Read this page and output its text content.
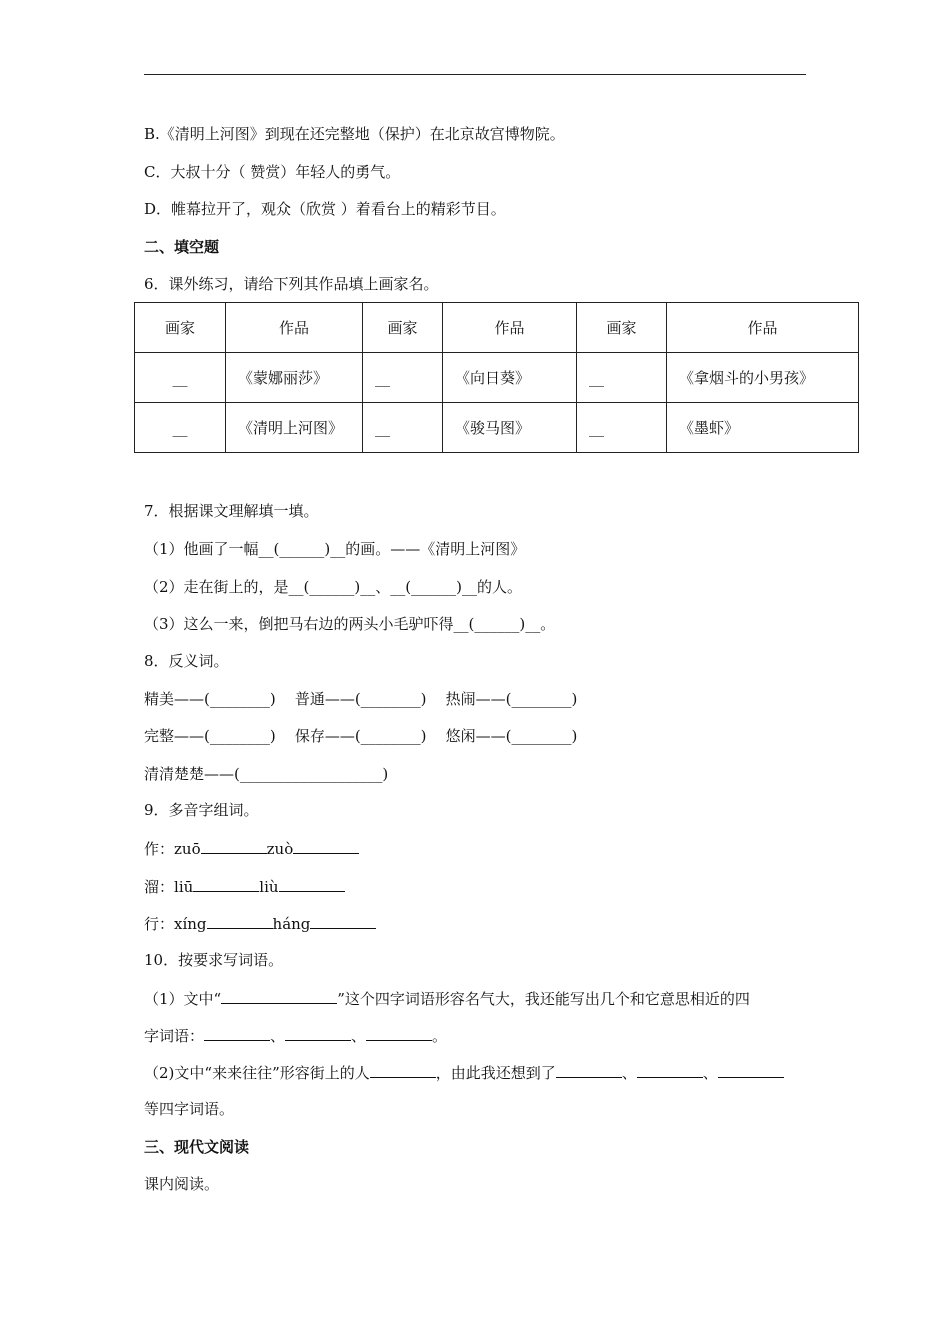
B.《清明上河图》到现在还完整地（保护）在北京故宫博物院。
C．大叔十分（ 赞赏）年轻人的勇气。
D．帷幕拉开了，观众（欣赏 ）着看台上的精彩节目。
二、填空题
6．课外练习，请给下列其作品填上画家名。
画家	作品	画家	作品	画家	作品
__	《蒙娜丽莎》	__	《向日葵》	__	《拿烟斗的小男孩》
__	《清明上河图》	__	《骏马图》	__	《墨虾》
7．根据课文理解填一填。
（1）他画了一幅__(______)__的画。——《清明上河图》
（2）走在街上的，是__(______)__、__(______)__的人。
（3）这么一来，倒把马右边的两头小毛驴吓得__(______)__。
8．反义词。
精美——(________) 普通——(________) 热闹——(________)
完整——(________) 保存——(________) 悠闲——(________)
清清楚楚——(___________________)
9．多音字组词。
作：zuō	zuò
溜：liū	liù
行：xíng	háng
10．按要求写词语。
（1）文中“	”这个四字词语形容名气大，我还能写出几个和它意思相近的四
字词语：	、	、	。
（2)文中“来来往往”形容街上的人	，由此我还想到了	、	、
等四字词语。
三、现代文阅读
课内阅读。
